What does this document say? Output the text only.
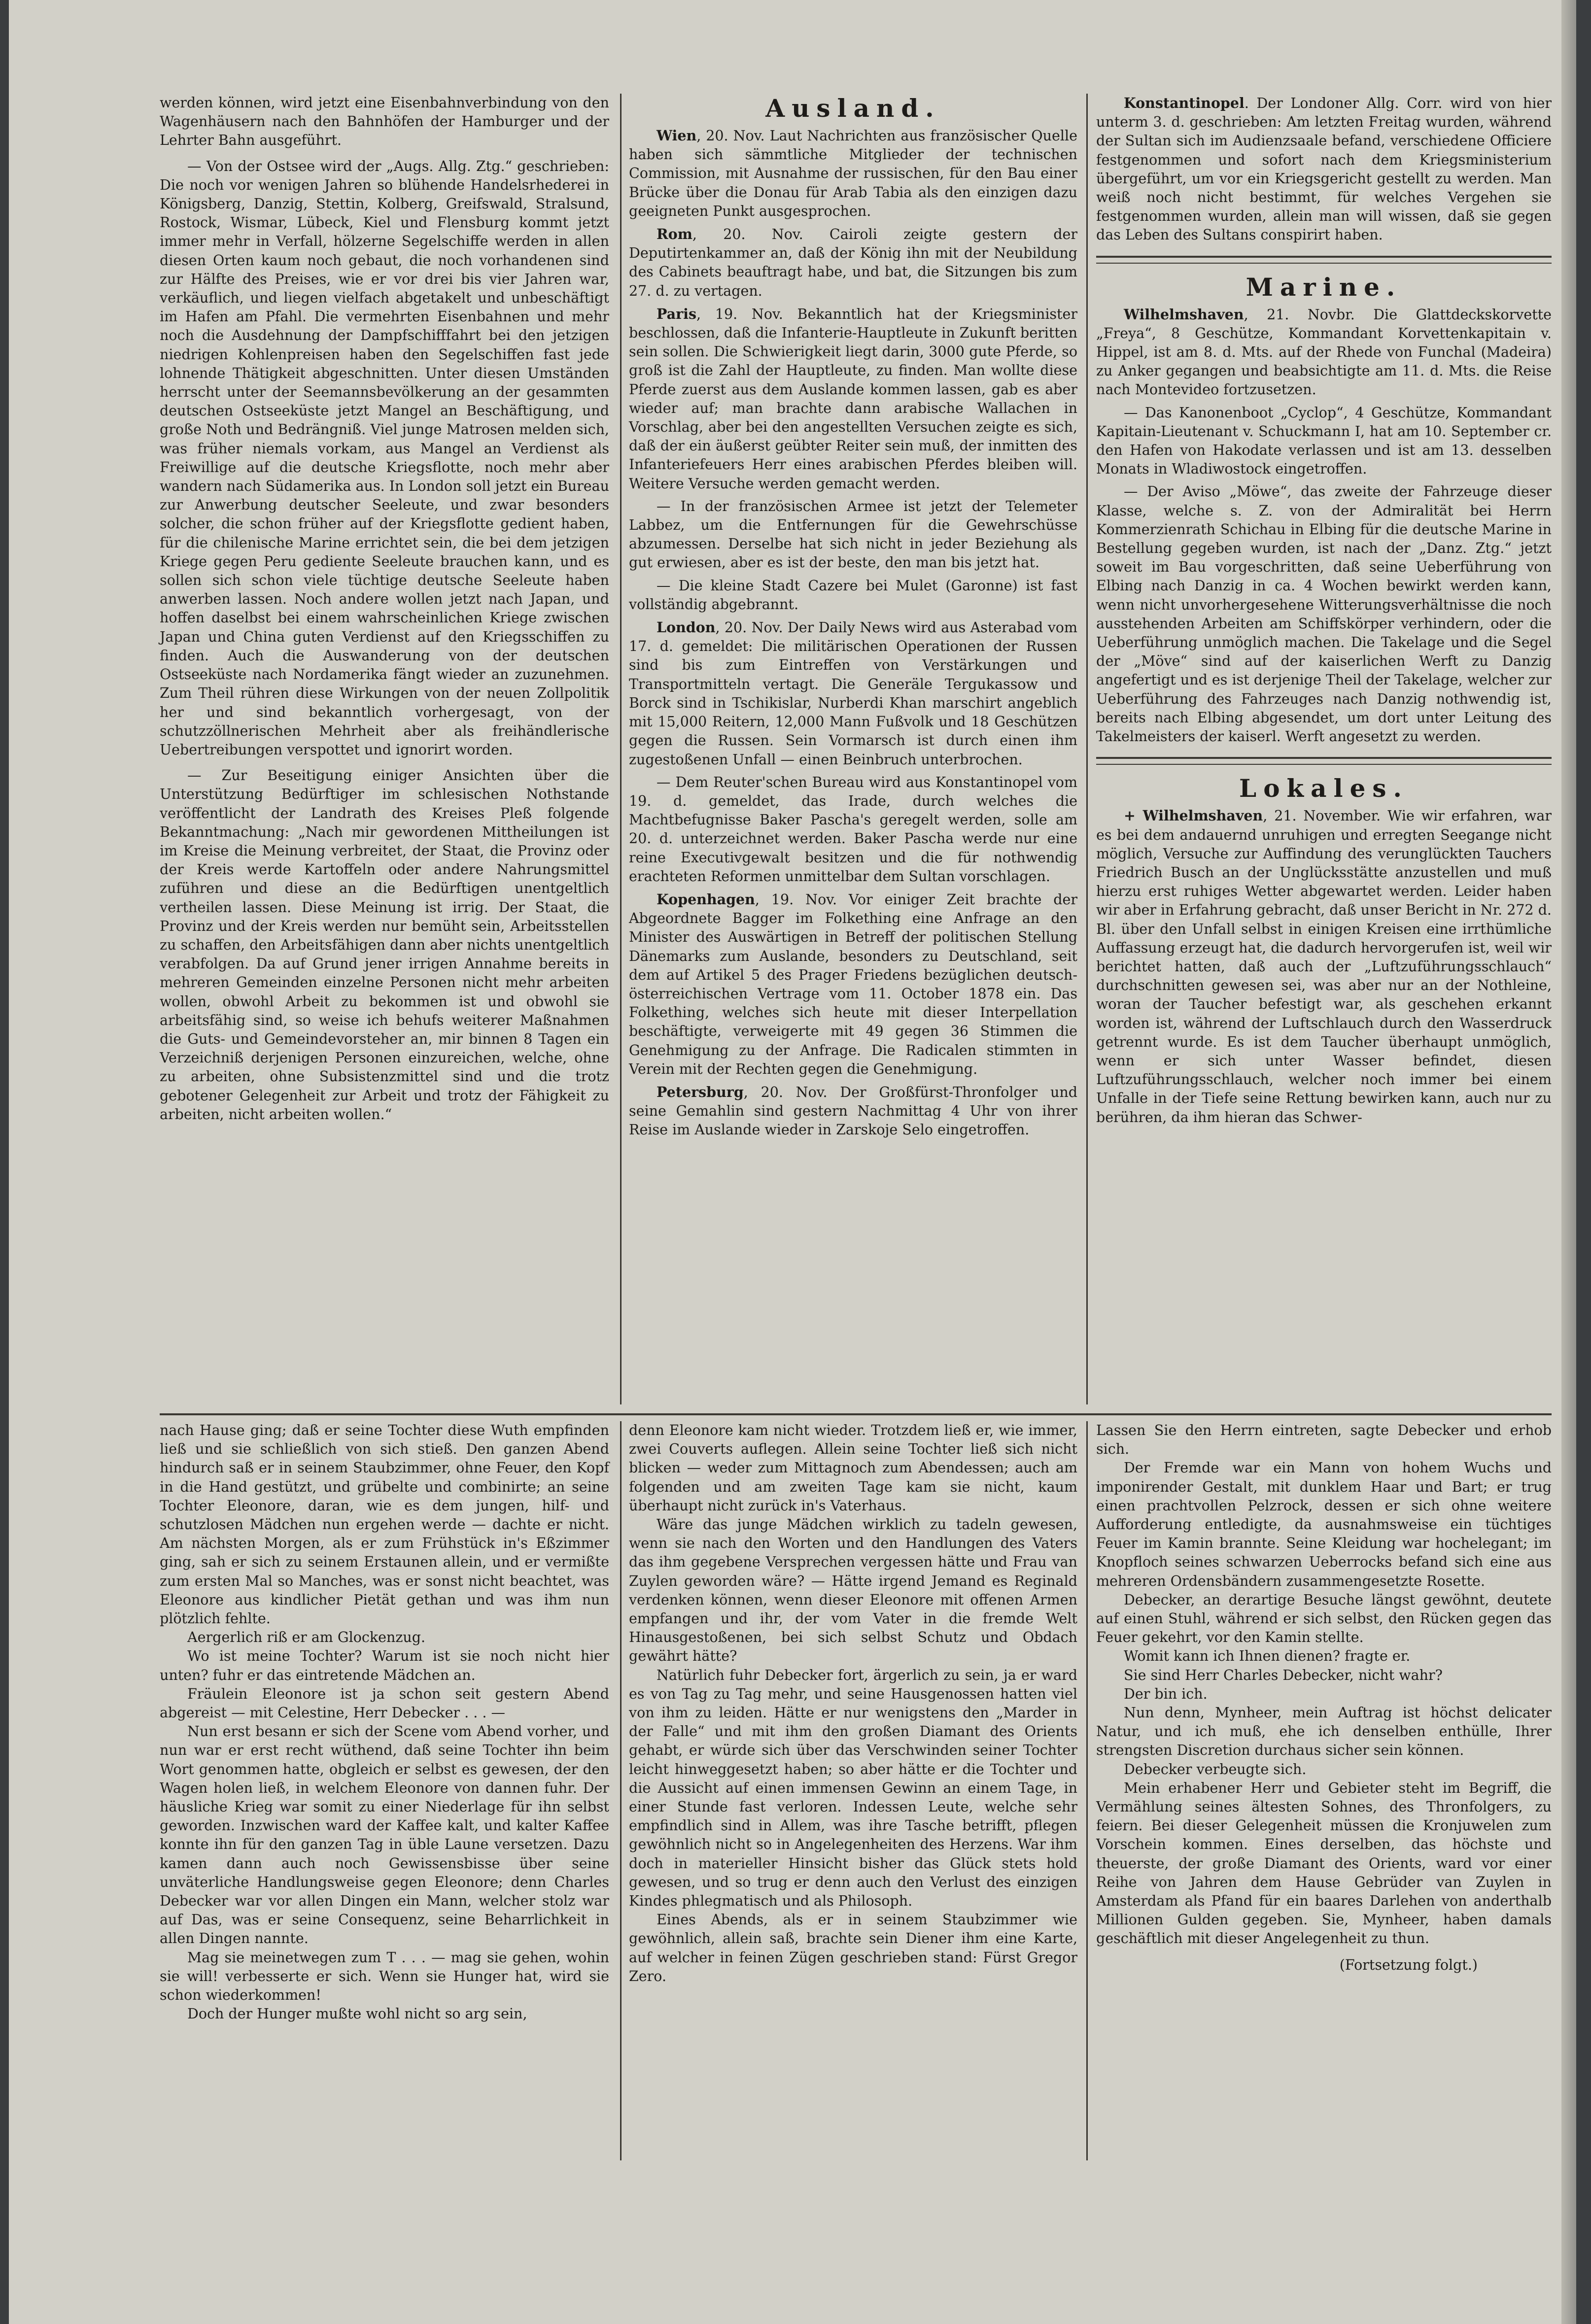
werden können, wird jetzt eine Eisenbahnverbindung von den Wagenhäusern nach den Bahnhöfen der Hamburger und der Lehrter Bahn ausgeführt.

— Von der Ostsee wird der „Augs. Allg. Ztg.“ geschrieben: Die noch vor wenigen Jahren so blühende Handelsrhederei in Königsberg, Danzig, Stettin, Kolberg, Greifswald, Stralsund, Rostock, Wismar, Lübeck, Kiel und Flensburg kommt jetzt immer mehr in Verfall, hölzerne Segelschiffe werden in allen diesen Orten kaum noch gebaut, die noch vorhandenen sind zur Hälfte des Preises, wie er vor drei bis vier Jahren war, verkäuflich, und liegen vielfach abgetakelt und unbeschäftigt im Hafen am Pfahl. Die vermehrten Eisenbahnen und mehr noch die Ausdehnung der Dampfschifffahrt bei den jetzigen niedrigen Kohlenpreisen haben den Segelschiffen fast jede lohnende Thätigkeit abgeschnitten. Unter diesen Umständen herrscht unter der Seemannsbevölkerung an der gesammten deutschen Ostseeküste jetzt Mangel an Beschäftigung, und große Noth und Bedrängniß. Viel junge Matrosen melden sich, was früher niemals vorkam, aus Mangel an Verdienst als Freiwillige auf die deutsche Kriegsflotte, noch mehr aber wandern nach Südamerika aus. In London soll jetzt ein Bureau zur Anwerbung deutscher Seeleute, und zwar besonders solcher, die schon früher auf der Kriegsflotte gedient haben, für die chilenische Marine errichtet sein, die bei dem jetzigen Kriege gegen Peru gediente Seeleute brauchen kann, und es sollen sich schon viele tüchtige deutsche Seeleute haben anwerben lassen. Noch andere wollen jetzt nach Japan, und hoffen daselbst bei einem wahrscheinlichen Kriege zwischen Japan und China guten Verdienst auf den Kriegsschiffen zu finden. Auch die Auswanderung von der deutschen Ostseeküste nach Nordamerika fängt wieder an zuzunehmen. Zum Theil rühren diese Wirkungen von der neuen Zollpolitik her und sind bekanntlich vorhergesagt, von der schutzzöllnerischen Mehrheit aber als freihändlerische Uebertreibungen verspottet und ignorirt worden.

— Zur Beseitigung einiger Ansichten über die Unterstützung Bedürftiger im schlesischen Nothstande veröffentlicht der Landrath des Kreises Pleß folgende Bekanntmachung: „Nach mir gewordenen Mittheilungen ist im Kreise die Meinung verbreitet, der Staat, die Provinz oder der Kreis werde Kartoffeln oder andere Nahrungsmittel zuführen und diese an die Bedürftigen unentgeltlich vertheilen lassen. Diese Meinung ist irrig. Der Staat, die Provinz und der Kreis werden nur bemüht sein, Arbeitsstellen zu schaffen, den Arbeitsfähigen dann aber nichts unentgeltlich verabfolgen. Da auf Grund jener irrigen Annahme bereits in mehreren Gemeinden einzelne Personen nicht mehr arbeiten wollen, obwohl Arbeit zu bekommen ist und obwohl sie arbeitsfähig sind, so weise ich behufs weiterer Maßnahmen die Guts- und Gemeindevorsteher an, mir binnen 8 Tagen ein Verzeichniß derjenigen Personen einzureichen, welche, ohne zu arbeiten, ohne Subsistenzmittel sind und die trotz gebotener Gelegenheit zur Arbeit und trotz der Fähigkeit zu arbeiten, nicht arbeiten wollen.“

Ausland.

Wien, 20. Nov. Laut Nachrichten aus französischer Quelle haben sich sämmtliche Mitglieder der technischen Commission, mit Ausnahme der russischen, für den Bau einer Brücke über die Donau für Arab Tabia als den einzigen dazu geeigneten Punkt ausgesprochen.

Rom, 20. Nov. Cairoli zeigte gestern der Deputirtenkammer an, daß der König ihn mit der Neubildung des Cabinets beauftragt habe, und bat, die Sitzungen bis zum 27. d. zu vertagen.

Paris, 19. Nov. Bekanntlich hat der Kriegsminister beschlossen, daß die Infanterie-Hauptleute in Zukunft beritten sein sollen. Die Schwierigkeit liegt darin, 3000 gute Pferde, so groß ist die Zahl der Hauptleute, zu finden. Man wollte diese Pferde zuerst aus dem Auslande kommen lassen, gab es aber wieder auf; man brachte dann arabische Wallachen in Vorschlag, aber bei den angestellten Versuchen zeigte es sich, daß der ein äußerst geübter Reiter sein muß, der inmitten des Infanteriefeuers Herr eines arabischen Pferdes bleiben will. Weitere Versuche werden gemacht werden.

— In der französischen Armee ist jetzt der Telemeter Labbez, um die Entfernungen für die Gewehrschüsse abzumessen. Derselbe hat sich nicht in jeder Beziehung als gut erwiesen, aber es ist der beste, den man bis jetzt hat.

— Die kleine Stadt Cazere bei Mulet (Garonne) ist fast vollständig abgebrannt.

London, 20. Nov. Der Daily News wird aus Asterabad vom 17. d. gemeldet: Die militärischen Operationen der Russen sind bis zum Eintreffen von Verstärkungen und Transportmitteln vertagt. Die Generäle Tergukassow und Borck sind in Tschikislar, Nurberdi Khan marschirt angeblich mit 15,000 Reitern, 12,000 Mann Fußvolk und 18 Geschützen gegen die Russen. Sein Vormarsch ist durch einen ihm zugestoßenen Unfall — einen Beinbruch unterbrochen.

— Dem Reuter'schen Bureau wird aus Konstantinopel vom 19. d. gemeldet, das Irade, durch welches die Machtbefugnisse Baker Pascha's geregelt werden, solle am 20. d. unterzeichnet werden. Baker Pascha werde nur eine reine Executivgewalt besitzen und die für nothwendig erachteten Reformen unmittelbar dem Sultan vorschlagen.

Kopenhagen, 19. Nov. Vor einiger Zeit brachte der Abgeordnete Bagger im Folkething eine Anfrage an den Minister des Auswärtigen in Betreff der politischen Stellung Dänemarks zum Auslande, besonders zu Deutschland, seit dem auf Artikel 5 des Prager Friedens bezüglichen deutsch-österreichischen Vertrage vom 11. October 1878 ein. Das Folkething, welches sich heute mit dieser Interpellation beschäftigte, verweigerte mit 49 gegen 36 Stimmen die Genehmigung zu der Anfrage. Die Radicalen stimmten in Verein mit der Rechten gegen die Genehmigung.

Petersburg, 20. Nov. Der Großfürst-Thronfolger und seine Gemahlin sind gestern Nachmittag 4 Uhr von ihrer Reise im Auslande wieder in Zarskoje Selo eingetroffen.

Konstantinopel. Der Londoner Allg. Corr. wird von hier unterm 3. d. geschrieben: Am letzten Freitag wurden, während der Sultan sich im Audienzsaale befand, verschiedene Officiere festgenommen und sofort nach dem Kriegsministerium übergeführt, um vor ein Kriegsgericht gestellt zu werden. Man weiß noch nicht bestimmt, für welches Vergehen sie festgenommen wurden, allein man will wissen, daß sie gegen das Leben des Sultans conspirirt haben.

Marine.

Wilhelmshaven, 21. Novbr. Die Glattdeckskorvette „Freya“, 8 Geschütze, Kommandant Korvettenkapitain v. Hippel, ist am 8. d. Mts. auf der Rhede von Funchal (Madeira) zu Anker gegangen und beabsichtigte am 11. d. Mts. die Reise nach Montevideo fortzusetzen.

— Das Kanonenboot „Cyclop“, 4 Geschütze, Kommandant Kapitain-Lieutenant v. Schuckmann I, hat am 10. September cr. den Hafen von Hakodate verlassen und ist am 13. desselben Monats in Wladiwostock eingetroffen.

— Der Aviso „Möwe“, das zweite der Fahrzeuge dieser Klasse, welche s. Z. von der Admiralität bei Herrn Kommerzienrath Schichau in Elbing für die deutsche Marine in Bestellung gegeben wurden, ist nach der „Danz. Ztg.“ jetzt soweit im Bau vorgeschritten, daß seine Ueberführung von Elbing nach Danzig in ca. 4 Wochen bewirkt werden kann, wenn nicht unvorhergesehene Witterungsverhältnisse die noch ausstehenden Arbeiten am Schiffskörper verhindern, oder die Ueberführung unmöglich machen. Die Takelage und die Segel der „Möve“ sind auf der kaiserlichen Werft zu Danzig angefertigt und es ist derjenige Theil der Takelage, welcher zur Ueberführung des Fahrzeuges nach Danzig nothwendig ist, bereits nach Elbing abgesendet, um dort unter Leitung des Takelmeisters der kaiserl. Werft angesetzt zu werden.

Lokales.

+ Wilhelmshaven, 21. November. Wie wir erfahren, war es bei dem andauernd unruhigen und erregten Seegange nicht möglich, Versuche zur Auffindung des verunglückten Tauchers Friedrich Busch an der Unglücksstätte anzustellen und muß hierzu erst ruhiges Wetter abgewartet werden. Leider haben wir aber in Erfahrung gebracht, daß unser Bericht in Nr. 272 d. Bl. über den Unfall selbst in einigen Kreisen eine irrthümliche Auffassung erzeugt hat, die dadurch hervorgerufen ist, weil wir berichtet hatten, daß auch der „Luftzuführungsschlauch“ durchschnitten gewesen sei, was aber nur an der Nothleine, woran der Taucher befestigt war, als geschehen erkannt worden ist, während der Luftschlauch durch den Wasserdruck getrennt wurde. Es ist dem Taucher überhaupt unmöglich, wenn er sich unter Wasser befindet, diesen Luftzuführungsschlauch, welcher noch immer bei einem Unfalle in der Tiefe seine Rettung bewirken kann, auch nur zu berühren, da ihm hieran das Schwer-

nach Hause ging; daß er seine Tochter diese Wuth empfinden ließ und sie schließlich von sich stieß. Den ganzen Abend hindurch saß er in seinem Staubzimmer, ohne Feuer, den Kopf in die Hand gestützt, und grübelte und combinirte; an seine Tochter Eleonore, daran, wie es dem jungen, hilf- und schutzlosen Mädchen nun ergehen werde — dachte er nicht. Am nächsten Morgen, als er zum Frühstück in's Eßzimmer ging, sah er sich zu seinem Erstaunen allein, und er vermißte zum ersten Mal so Manches, was er sonst nicht beachtet, was Eleonore aus kindlicher Pietät gethan und was ihm nun plötzlich fehlte.

Aergerlich riß er am Glockenzug.

Wo ist meine Tochter? Warum ist sie noch nicht hier unten? fuhr er das eintretende Mädchen an.

Fräulein Eleonore ist ja schon seit gestern Abend abgereist — mit Celestine, Herr Debecker . . . —

Nun erst besann er sich der Scene vom Abend vorher, und nun war er erst recht wüthend, daß seine Tochter ihn beim Wort genommen hatte, obgleich er selbst es gewesen, der den Wagen holen ließ, in welchem Eleonore von dannen fuhr. Der häusliche Krieg war somit zu einer Niederlage für ihn selbst geworden. Inzwischen ward der Kaffee kalt, und kalter Kaffee konnte ihn für den ganzen Tag in üble Laune versetzen. Dazu kamen dann auch noch Gewissensbisse über seine unväterliche Handlungsweise gegen Eleonore; denn Charles Debecker war vor allen Dingen ein Mann, welcher stolz war auf Das, was er seine Consequenz, seine Beharrlichkeit in allen Dingen nannte.

Mag sie meinetwegen zum T . . . — mag sie gehen, wohin sie will! verbesserte er sich. Wenn sie Hunger hat, wird sie schon wiederkommen!

Doch der Hunger mußte wohl nicht so arg sein,

denn Eleonore kam nicht wieder. Trotzdem ließ er, wie immer, zwei Couverts auflegen. Allein seine Tochter ließ sich nicht blicken — weder zum Mittagnoch zum Abendessen; auch am folgenden und am zweiten Tage kam sie nicht, kaum überhaupt nicht zurück in's Vaterhaus.

Wäre das junge Mädchen wirklich zu tadeln gewesen, wenn sie nach den Worten und den Handlungen des Vaters das ihm gegebene Versprechen vergessen hätte und Frau van Zuylen geworden wäre? — Hätte irgend Jemand es Reginald verdenken können, wenn dieser Eleonore mit offenen Armen empfangen und ihr, der vom Vater in die fremde Welt Hinausgestoßenen, bei sich selbst Schutz und Obdach gewährt hätte?

Natürlich fuhr Debecker fort, ärgerlich zu sein, ja er ward es von Tag zu Tag mehr, und seine Hausgenossen hatten viel von ihm zu leiden. Hätte er nur wenigstens den „Marder in der Falle“ und mit ihm den großen Diamant des Orients gehabt, er würde sich über das Verschwinden seiner Tochter leicht hinweggesetzt haben; so aber hätte er die Tochter und die Aussicht auf einen immensen Gewinn an einem Tage, in einer Stunde fast verloren. Indessen Leute, welche sehr empfindlich sind in Allem, was ihre Tasche betrifft, pflegen gewöhnlich nicht so in Angelegenheiten des Herzens. War ihm doch in materieller Hinsicht bisher das Glück stets hold gewesen, und so trug er denn auch den Verlust des einzigen Kindes phlegmatisch und als Philosoph.

Eines Abends, als er in seinem Staubzimmer wie gewöhnlich, allein saß, brachte sein Diener ihm eine Karte, auf welcher in feinen Zügen geschrieben stand: Fürst Gregor Zero.

Lassen Sie den Herrn eintreten, sagte Debecker und erhob sich.

Der Fremde war ein Mann von hohem Wuchs und imponirender Gestalt, mit dunklem Haar und Bart; er trug einen prachtvollen Pelzrock, dessen er sich ohne weitere Aufforderung entledigte, da ausnahmsweise ein tüchtiges Feuer im Kamin brannte. Seine Kleidung war hochelegant; im Knopfloch seines schwarzen Ueberrocks befand sich eine aus mehreren Ordensbändern zusammengesetzte Rosette.

Debecker, an derartige Besuche längst gewöhnt, deutete auf einen Stuhl, während er sich selbst, den Rücken gegen das Feuer gekehrt, vor den Kamin stellte.

Womit kann ich Ihnen dienen? fragte er.

Sie sind Herr Charles Debecker, nicht wahr?

Der bin ich.

Nun denn, Mynheer, mein Auftrag ist höchst delicater Natur, und ich muß, ehe ich denselben enthülle, Ihrer strengsten Discretion durchaus sicher sein können.

Debecker verbeugte sich.

Mein erhabener Herr und Gebieter steht im Begriff, die Vermählung seines ältesten Sohnes, des Thronfolgers, zu feiern. Bei dieser Gelegenheit müssen die Kronjuwelen zum Vorschein kommen. Eines derselben, das höchste und theuerste, der große Diamant des Orients, ward vor einer Reihe von Jahren dem Hause Gebrüder van Zuylen in Amsterdam als Pfand für ein baares Darlehen von anderthalb Millionen Gulden gegeben. Sie, Mynheer, haben damals geschäftlich mit dieser Angelegenheit zu thun.

(Fortsetzung folgt.)
